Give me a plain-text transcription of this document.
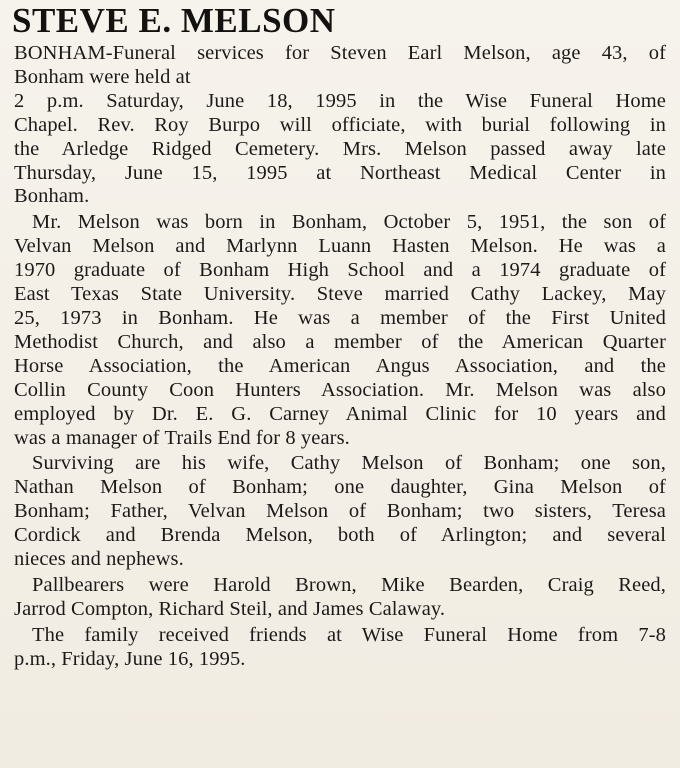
STEVE E. MELSON

BONHAM-Funeral services for Steven Earl Melson, age 43, of
Bonham were held at
2 p.m. Saturday, June 18, 1995 in the Wise Funeral Home
Chapel. Rev. Roy Burpo will officiate, with burial following in
the Arledge Ridged Cemetery. Mrs. Melson passed away late
Thursday, June 15, 1995 at Northeast Medical Center in
Bonham.

Mr. Melson was born in Bonham, October 5, 1951, the son of
Velvan Melson and Marlynn Luann Hasten Melson. He was a
1970 graduate of Bonham High School and a 1974 graduate of
East Texas State University. Steve married Cathy Lackey, May
25, 1973 in Bonham. He was a member of the First United
Methodist Church, and also a member of the American Quarter
Horse Association, the American Angus Association, and the
Collin County Coon Hunters Association. Mr. Melson was also
employed by Dr. E. G. Carney Animal Clinic for 10 years and
was a manager of Trails End for 8 years.

Surviving are his wife, Cathy Melson of Bonham; one son,
Nathan Melson of Bonham; one daughter, Gina Melson of
Bonham; Father, Velvan Melson of Bonham; two sisters, Teresa
Cordick and Brenda Melson, both of Arlington; and several
nieces and nephews.

Pallbearers were Harold Brown, Mike Bearden, Craig Reed,
Jarrod Compton, Richard Steil, and James Calaway.

The family received friends at Wise Funeral Home from 7-8
p.m., Friday, June 16, 1995.
